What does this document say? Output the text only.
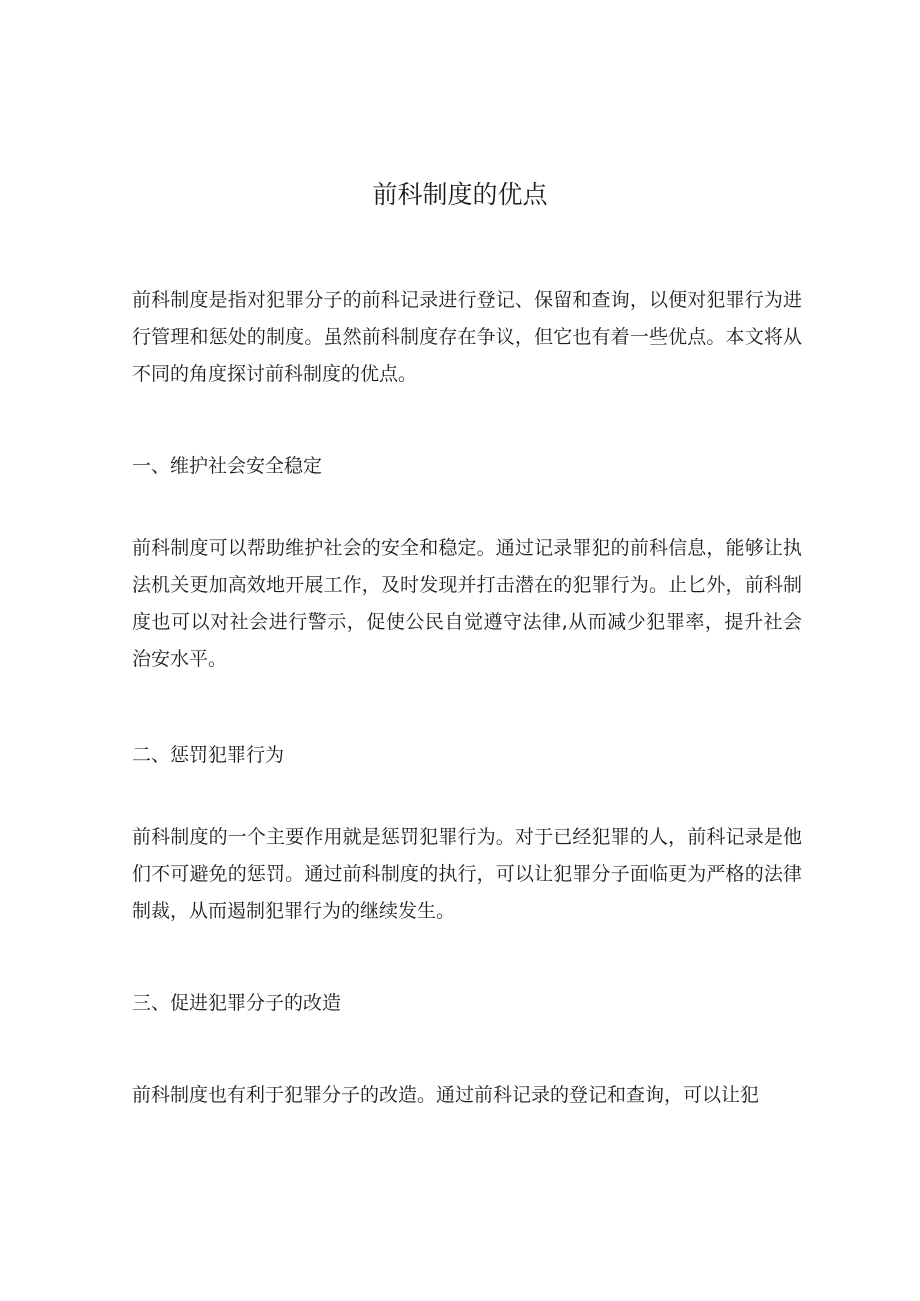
前科制度的优点

前科制度是指对犯罪分子的前科记录进行登记、保留和查询，以便对犯罪行为进行管理和惩处的制度。虽然前科制度存在争议，但它也有着一些优点。本文将从不同的角度探讨前科制度的优点。

一、维护社会安全稳定

前科制度可以帮助维护社会的安全和稳定。通过记录罪犯的前科信息，能够让执法机关更加高效地开展工作，及时发现并打击潜在的犯罪行为。止匕外，前科制度也可以对社会进行警示，促使公民自觉遵守法律,从而减少犯罪率，提升社会治安水平。

二、惩罚犯罪行为

前科制度的一个主要作用就是惩罚犯罪行为。对于已经犯罪的人，前科记录是他们不可避免的惩罚。通过前科制度的执行，可以让犯罪分子面临更为严格的法律制裁，从而遏制犯罪行为的继续发生。

三、促进犯罪分子的改造

前科制度也有利于犯罪分子的改造。通过前科记录的登记和查询，可以让犯
